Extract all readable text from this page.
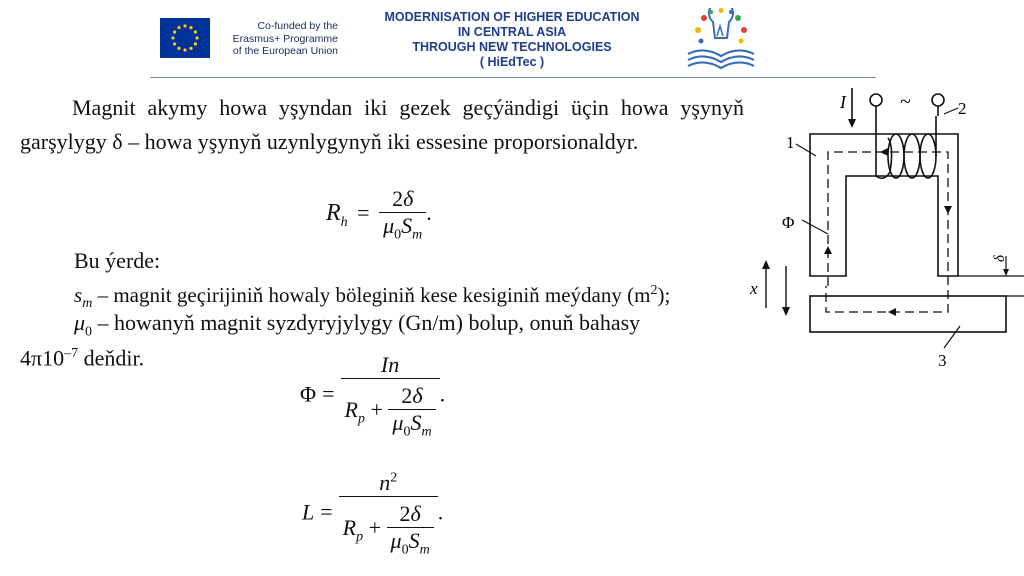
Co-funded by the
Erasmus+ Programme
of the European Union
MODERNISATION OF HIGHER EDUCATION
IN CENTRAL ASIA
THROUGH NEW TECHNOLOGIES
( HiEdTec )
Magnit akymy howa yşyndan iki gezek geçýändigi üçin howa yşynyň garşylygy δ – howa yşynyň uzynlygynyň iki essesine proporsionaldyr.
$R_h = \frac{2\delta}{\mu_0S_m}$ .
Bu ýerde:
$s_m$ – magnit geçirijiniň howaly böleginiň kese kesiginiň meýdany $(m^2)$;
$\mu_0$ – howanyň magnit syzdyryjylygy (Gn/m) bolup, onuň bahasy
$4\pi 10^{-7}$ deňdir.
$\Phi = \frac{In}{R_p + \frac{2\delta}{\mu_0S_m}}$ .
$L = \frac{n^2}{R_p + \frac{2\delta}{\mu_0S_m}}$ .
I	~	2
1
Φ
δ
x
3
